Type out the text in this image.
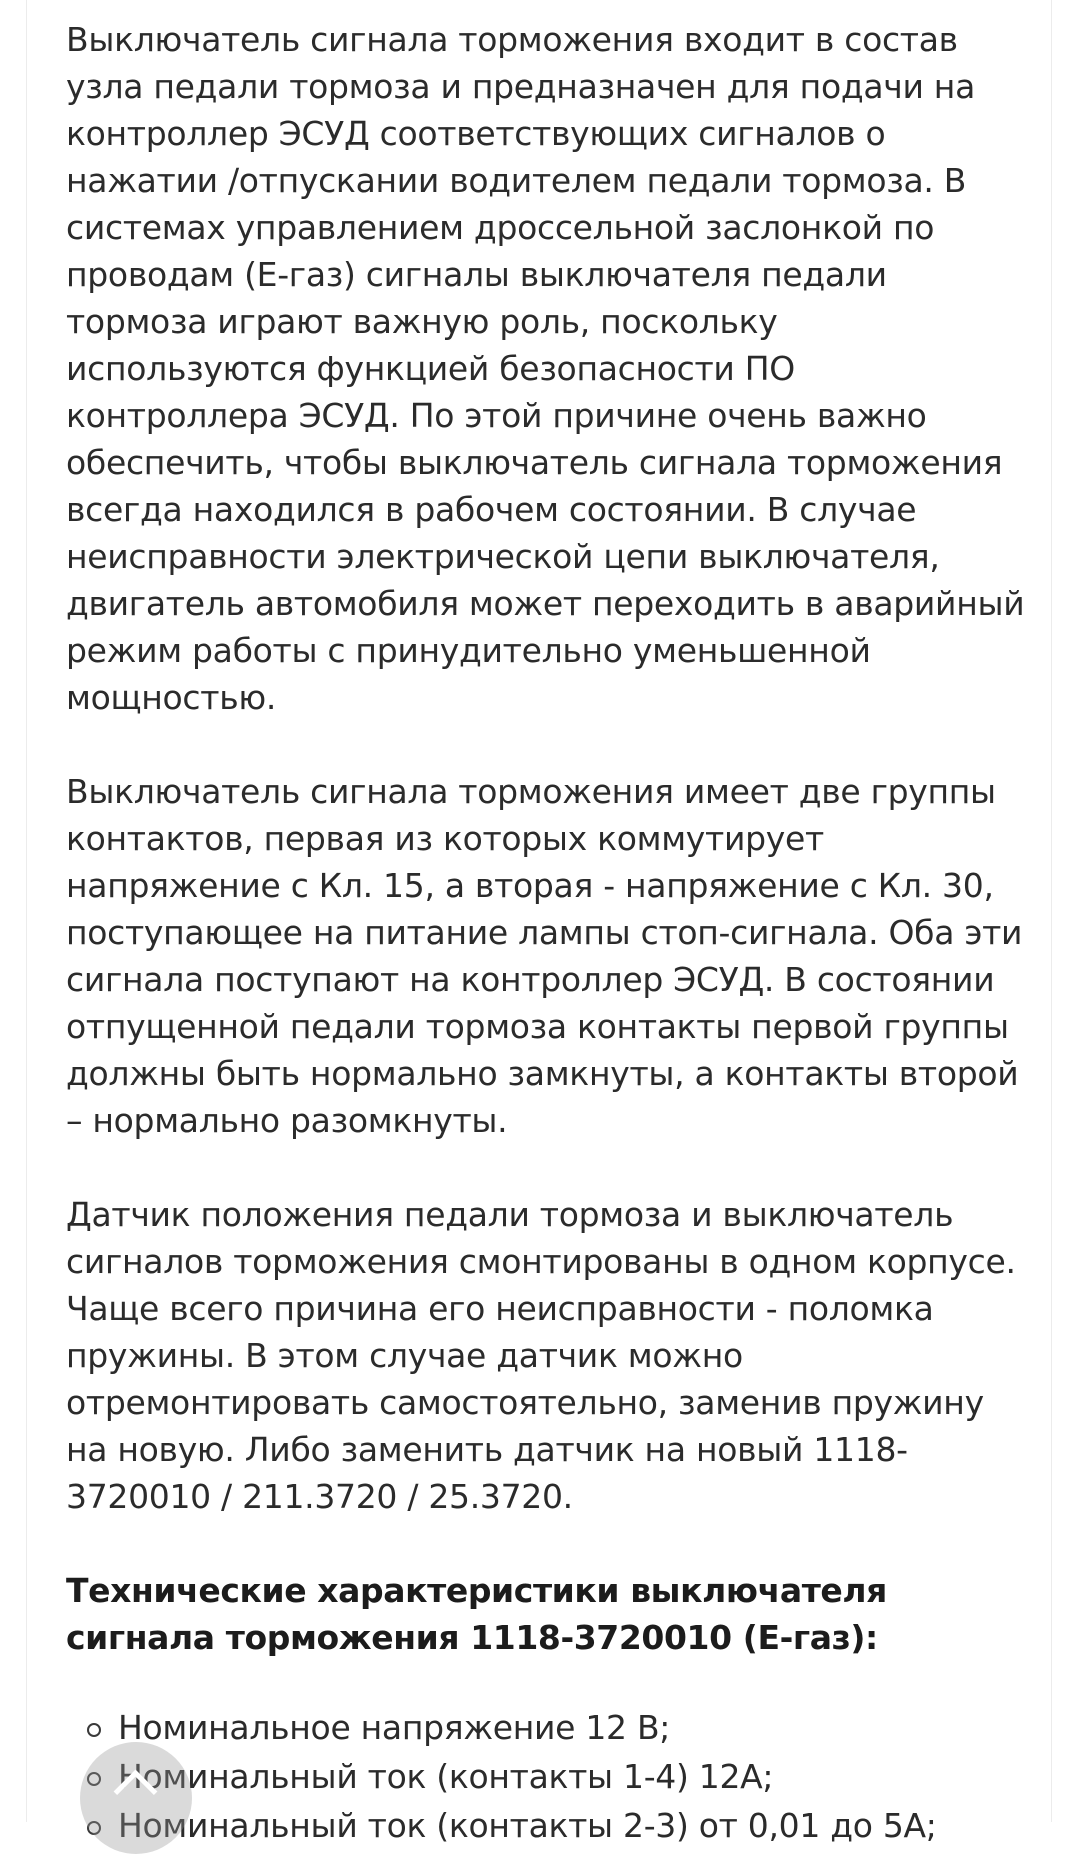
Выключатель сигнала торможения входит в состав узла педали тормоза и предназначен для подачи на контроллер ЭСУД соответствующих сигналов о нажатии /отпускании водителем педали тормоза. В системах управлением дроссельной заслонкой по проводам (Е-газ) сигналы выключателя педали тормоза играют важную роль, поскольку используются функцией безопасности ПО контроллера ЭСУД. По этой причине очень важно обеспечить, чтобы выключатель сигнала торможения всегда находился в рабочем состоянии. В случае неисправности электрической цепи выключателя, двигатель автомобиля может переходить в аварийный режим работы с принудительно уменьшенной мощностью.

Выключатель сигнала торможения имеет две группы контактов, первая из которых коммутирует напряжение с Кл. 15, а вторая - напряжение с Кл. 30, поступающее на питание лампы стоп-сигнала. Оба эти сигнала поступают на контроллер ЭСУД. В состоянии отпущенной педали тормоза контакты первой группы должны быть нормально замкнуты, а контакты второй – нормально разомкнуты.

Датчик положения педали тормоза и выключатель сигналов торможения смонтированы в одном корпусе. Чаще всего причина его неисправности - поломка пружины. В этом случае датчик можно отремонтировать самостоятельно, заменив пружину на новую. Либо заменить датчик на новый 1118-3720010 / 211.3720 / 25.3720.

Технические характеристики выключателя сигнала торможения 1118-3720010 (Е-газ):
Номинальное напряжение 12 В;
Номинальный ток (контакты 1-4) 12А;
Номинальный ток (контакты 2-3) от 0,01 до 5А;
